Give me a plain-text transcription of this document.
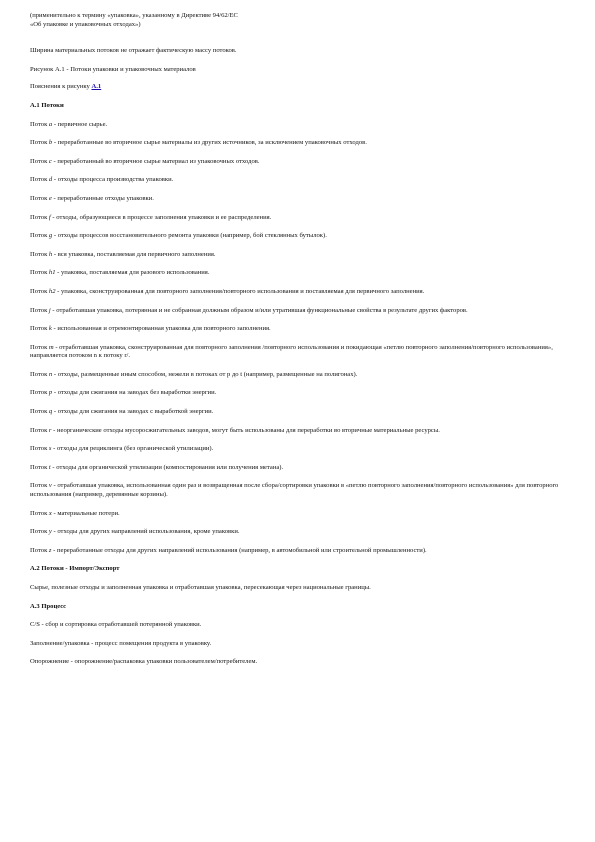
(применительно к термину «упаковка», указанному в Директиве 94/62/ЕС
«Об упаковке и упаковочных отходах»)

Ширина материальных потоков не отражает фактическую массу потоков.

Рисунок А.1 - Потоки упаковки и упаковочных материалов

Пояснения к рисунку А.1

А.1 Потоки

Поток a - первичное сырье.

Поток b - переработанные во вторичное сырье материалы из других источников, за исключением упаковочных отходов.

Поток c - переработанный во вторичное сырье материал из упаковочных отходов.

Поток d - отходы процесса производства упаковки.

Поток e - переработанные отходы упаковки.

Поток f - отходы, образующиеся в процессе заполнения упаковки и ее распределения.

Поток g - отходы процессов восстановительного ремонта упаковки (например, бой стеклянных бутылок).

Поток h - вся упаковка, поставляемая для первичного заполнения.

Поток h1 - упаковка, поставляемая для разового использования.

Поток h2 - упаковка, сконструированная для повторного заполнения/повторного использования и поставляемая для первичного заполнения.

Поток j - отработавшая упаковка, потерянная и не собранная должным образом и/или утратившая функциональные свойства в результате других факторов.

Поток k - использованная и отремонтированная упаковка для повторного заполнения.

Поток m - отработавшая упаковка, сконструированная для повторного заполнения /повторного использования и покидающая «петлю повторного заполнения/повторного использования», направляется потоком n к потоку r/.

Поток n - отходы, размещенные иным способом, нежели в потоках от p до t (например, размещенные на полигонах).

Поток p - отходы для сжигания на заводах без выработки энергии.

Поток q - отходы для сжигания на заводах с выработкой энергии.

Поток r - неорганические отходы мусоросжигательных заводов, могут быть использованы для переработки во вторичные материальные ресурсы.

Поток s - отходы для рециклинга (без органической утилизации).

Поток t - отходы для органической утилизации (компостирования или получения метана).

Поток v - отработавшая упаковка, использованная один раз и возвращенная после сбора/сортировки упаковки в «петлю повторного заполнения/повторного использования» для повторного использования (например, деревянные корзины).

Поток x - материальные потери.

Поток y - отходы для других направлений использования, кроме упаковки.

Поток z - переработанные отходы для других направлений использования (например, в автомобильной или строительной промышленности).

А.2 Потоки - Импорт/Экспорт

Сырье, полезные отходы и заполненная упаковка и отработавшая упаковка, пересекающая через национальные границы.

А.3 Процесс

C/S - сбор и сортировка отработавшей потерянной упаковки.

Заполнение/упаковка - процесс помещения продукта в упаковку.

Опорожнение - опорожнение/распаковка упаковки пользователем/потребителем.
